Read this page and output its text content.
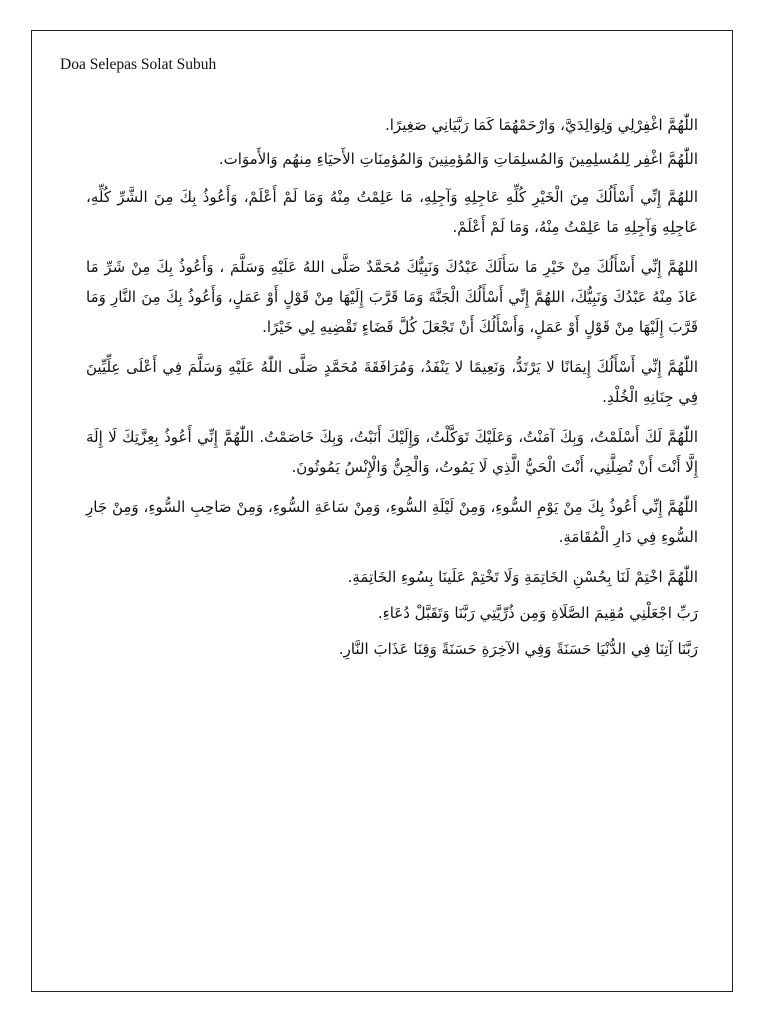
Doa Selepas Solat Subuh

اللّٰهُمَّ اغْفِرْلِي وَلِوَالِدَيَّ، وَارْحَمْهُمَا كَمَا رَبَّيَانِي صَغِيرًا.

اللّٰهُمَّ اغْفِر لِلمُسلِمِينَ وَالمُسلِمَاتِ وَالمُؤمِنِينَ وَالمُؤمِنَاتِ الأَحيَاءِ مِنهُم وَالأَموَات.

اللهُمَّ إِنِّي أَسْأَلُكَ مِنَ الْخَيْرِ كُلِّهِ عَاجِلِهِ وَآجِلِهِ، مَا عَلِمْتُ مِنْهُ وَمَا لَمْ أَعْلَمْ، وَأَعُوذُ بِكَ مِنَ الشَّرِّ كُلِّهِ، عَاجِلِهِ وَآجِلِهِ مَا عَلِمْتُ مِنْهُ، وَمَا لَمْ أَعْلَمْ.

اللهُمَّ إِنِّي أَسْأَلُكَ مِنْ خَيْرِ مَا سَأَلَكَ عَبْدُكَ وَنَبِيُّكَ مُحَمَّدٌ صَلَّى اللهُ عَلَيْهِ وَسَلَّمَ ، وَأَعُوذُ بِكَ مِنْ شَرِّ مَا عَاذَ مِنْهُ عَبْدُكَ وَنَبِيُّكَ، اللهُمَّ إِنِّي أَسْأَلُكَ الْجَنَّةَ وَمَا قَرَّبَ إِلَيْهَا مِنْ قَوْلٍ أَوْ عَمَلٍ، وَأَعُوذُ بِكَ مِنَ النَّارِ وَمَا قَرَّبَ إِلَيْهَا مِنْ قَوْلٍ أَوْ عَمَلٍ، وَأَسْأَلُكَ أَنْ تَجْعَلَ كُلَّ قَضَاءٍ تَقْضِيهِ لِي خَيْرًا.

اللّٰهُمَّ إِنِّي أَسْأَلُكَ إِيمَانًا لا يَرْتَدُّ، وَنَعِيمًا لا يَنْفَدُ، وَمُرَافَقَةَ مُحَمَّدٍ صَلَّى اللّٰهُ عَلَيْهِ وَسَلَّمَ فِي أَعْلَى عِلِّيِّينَ فِي جِنَانِهِ الْخُلْدِ.

اللّٰهُمَّ لَكَ أَسْلَمْتُ، وَبِكَ آمَنْتُ، وَعَلَيْكَ تَوَكَّلْتُ، وَإِلَيْكَ أَنَبْتُ، وَبِكَ خَاصَمْتُ. اللّٰهُمَّ إِنِّي أَعُوذُ بِعِزَّتِكَ لَا إِلَهَ إِلَّا أَنْتَ أَنْ تُضِلَّنِي، أَنْتَ الْحَيُّ الَّذِي لَا يَمُوتُ، وَالْجِنُّ وَالْإِنْسُ يَمُوتُونَ.

اللّٰهُمَّ إِنِّي أَعُوذُ بِكَ مِنْ يَوْمِ السُّوءِ، وَمِنْ لَيْلَةِ السُّوءِ، وَمِنْ سَاعَةِ السُّوءِ، وَمِنْ صَاحِبِ السُّوءِ، وَمِنْ جَارِ السُّوءِ فِي دَارِ الْمُقَامَةِ.

اللّٰهُمَّ اخْتِمْ لَنَا بِحُسْنِ الخَاتِمَةِ وَلَا تَخْتِمْ عَلَينَا بِسُوءِ الخَاتِمَةِ.

رَبِّ اجْعَلْنِي مُقِيمَ الصَّلَاةِ وَمِن ذُرِّيَّتِي رَبَّنَا وَتَقَبَّلْ دُعَاءِ.

رَبَّنَا آتِنَا فِي الدُّنْيَا حَسَنَةً وَفِي الآخِرَةِ حَسَنَةً وَقِنَا عَذَابَ النَّارِ.
